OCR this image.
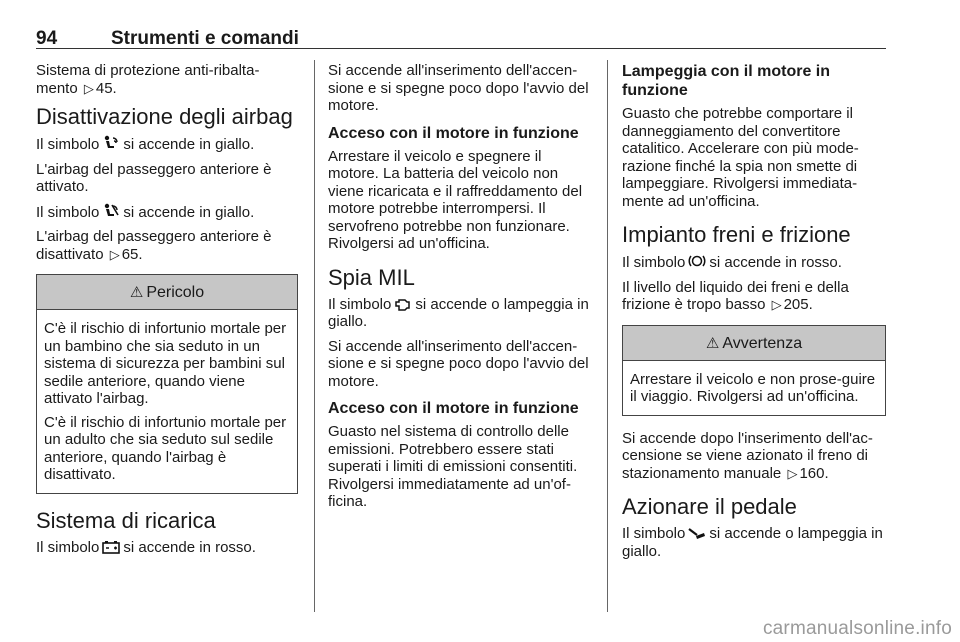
94	Strumenti e comandi

Sistema di protezione anti-ribalta-
mento ▷ 45.

Disattivazione degli airbag

Il simbolo si accende in giallo.

L'airbag del passeggero anteriore è attivato.

Il simbolo si accende in giallo.

L'airbag del passeggero anteriore è disattivato ▷ 65.

⚠ Pericolo

C'è il rischio di infortunio mortale per un bambino che sia seduto in un sistema di sicurezza per bambini sul sedile anteriore, quando viene attivato l'airbag.

C'è il rischio di infortunio mortale per un adulto che sia seduto sul sedile anteriore, quando l'airbag è disattivato.

Sistema di ricarica

Il simbolo si accende in rosso.

Si accende all'inserimento dell'accen-sione e si spegne poco dopo l'avvio del motore.

Acceso con il motore in funzione

Arrestare il veicolo e spegnere il motore. La batteria del veicolo non viene ricaricata e il raffreddamento del motore potrebbe interrompersi. Il servofreno potrebbe non funzionare. Rivolgersi ad un'officina.

Spia MIL

Il simbolo si accende o lampeggia in giallo.

Si accende all'inserimento dell'accen-sione e si spegne poco dopo l'avvio del motore.

Acceso con il motore in funzione

Guasto nel sistema di controllo delle emissioni. Potrebbero essere stati superati i limiti di emissioni consentiti. Rivolgersi immediatamente ad un'of-ficina.

Lampeggia con il motore in funzione

Guasto che potrebbe comportare il danneggiamento del convertitore catalitico. Accelerare con più mode-razione finché la spia non smette di lampeggiare. Rivolgersi immediata-mente ad un'officina.

Impianto freni e frizione

Il simbolo si accende in rosso.

Il livello del liquido dei freni e della frizione è tropo basso ▷ 205.

⚠ Avvertenza

Arrestare il veicolo e non prose-guire il viaggio. Rivolgersi ad un'officina.

Si accende dopo l'inserimento dell'ac-censione se viene azionato il freno di stazionamento manuale ▷ 160.

Azionare il pedale

Il simbolo si accende o lampeggia in giallo.

carmanualsonline.info
